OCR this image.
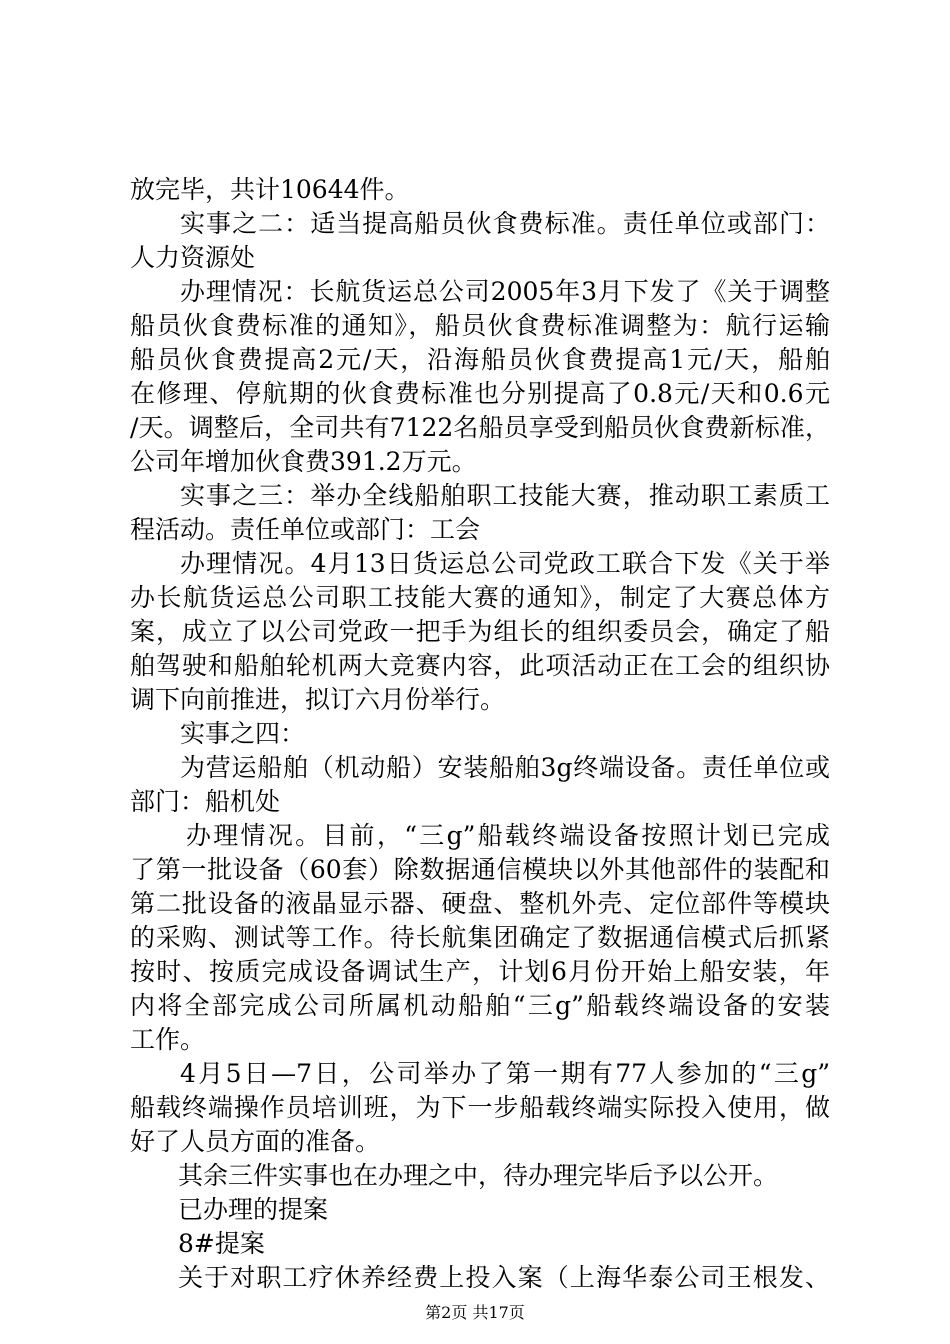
放完毕，共计10644件。
实事之二：适当提高船员伙食费标准。责任单位或部门：
人力资源处
办理情况：长航货运总公司2005年3月下发了《关于调整
船员伙食费标准的通知》，船员伙食费标准调整为：航行运输
船员伙食费提高2元/天，沿海船员伙食费提高1元/天，船舶
在修理、停航期的伙食费标准也分别提高了0.8元/天和0.6元
/天。调整后，全司共有7122名船员享受到船员伙食费新标准，
公司年增加伙食费391.2万元。
实事之三：举办全线船舶职工技能大赛，推动职工素质工
程活动。责任单位或部门：工会
办理情况。4月13日货运总公司党政工联合下发《关于举
办长航货运总公司职工技能大赛的通知》，制定了大赛总体方
案，成立了以公司党政一把手为组长的组织委员会，确定了船
舶驾驶和船舶轮机两大竞赛内容，此项活动正在工会的组织协
调下向前推进，拟订六月份举行。
实事之四：
为营运船舶（机动船）安装船舶3g终端设备。责任单位或
部门：船机处
办理情况。目前，“三g”船载终端设备按照计划已完成
了第一批设备（60套）除数据通信模块以外其他部件的装配和
第二批设备的液晶显示器、硬盘、整机外壳、定位部件等模块
的采购、测试等工作。待长航集团确定了数据通信模式后抓紧
按时、按质完成设备调试生产，计划6月份开始上船安装，年
内将全部完成公司所属机动船舶“三g”船载终端设备的安装
工作。
4月5日—7日，公司举办了第一期有77人参加的“三g”
船载终端操作员培训班，为下一步船载终端实际投入使用，做
好了人员方面的准备。
其余三件实事也在办理之中，待办理完毕后予以公开。
已办理的提案
8#提案
关于对职工疗休养经费上投入案（上海华泰公司王根发、
第2页 共17页
